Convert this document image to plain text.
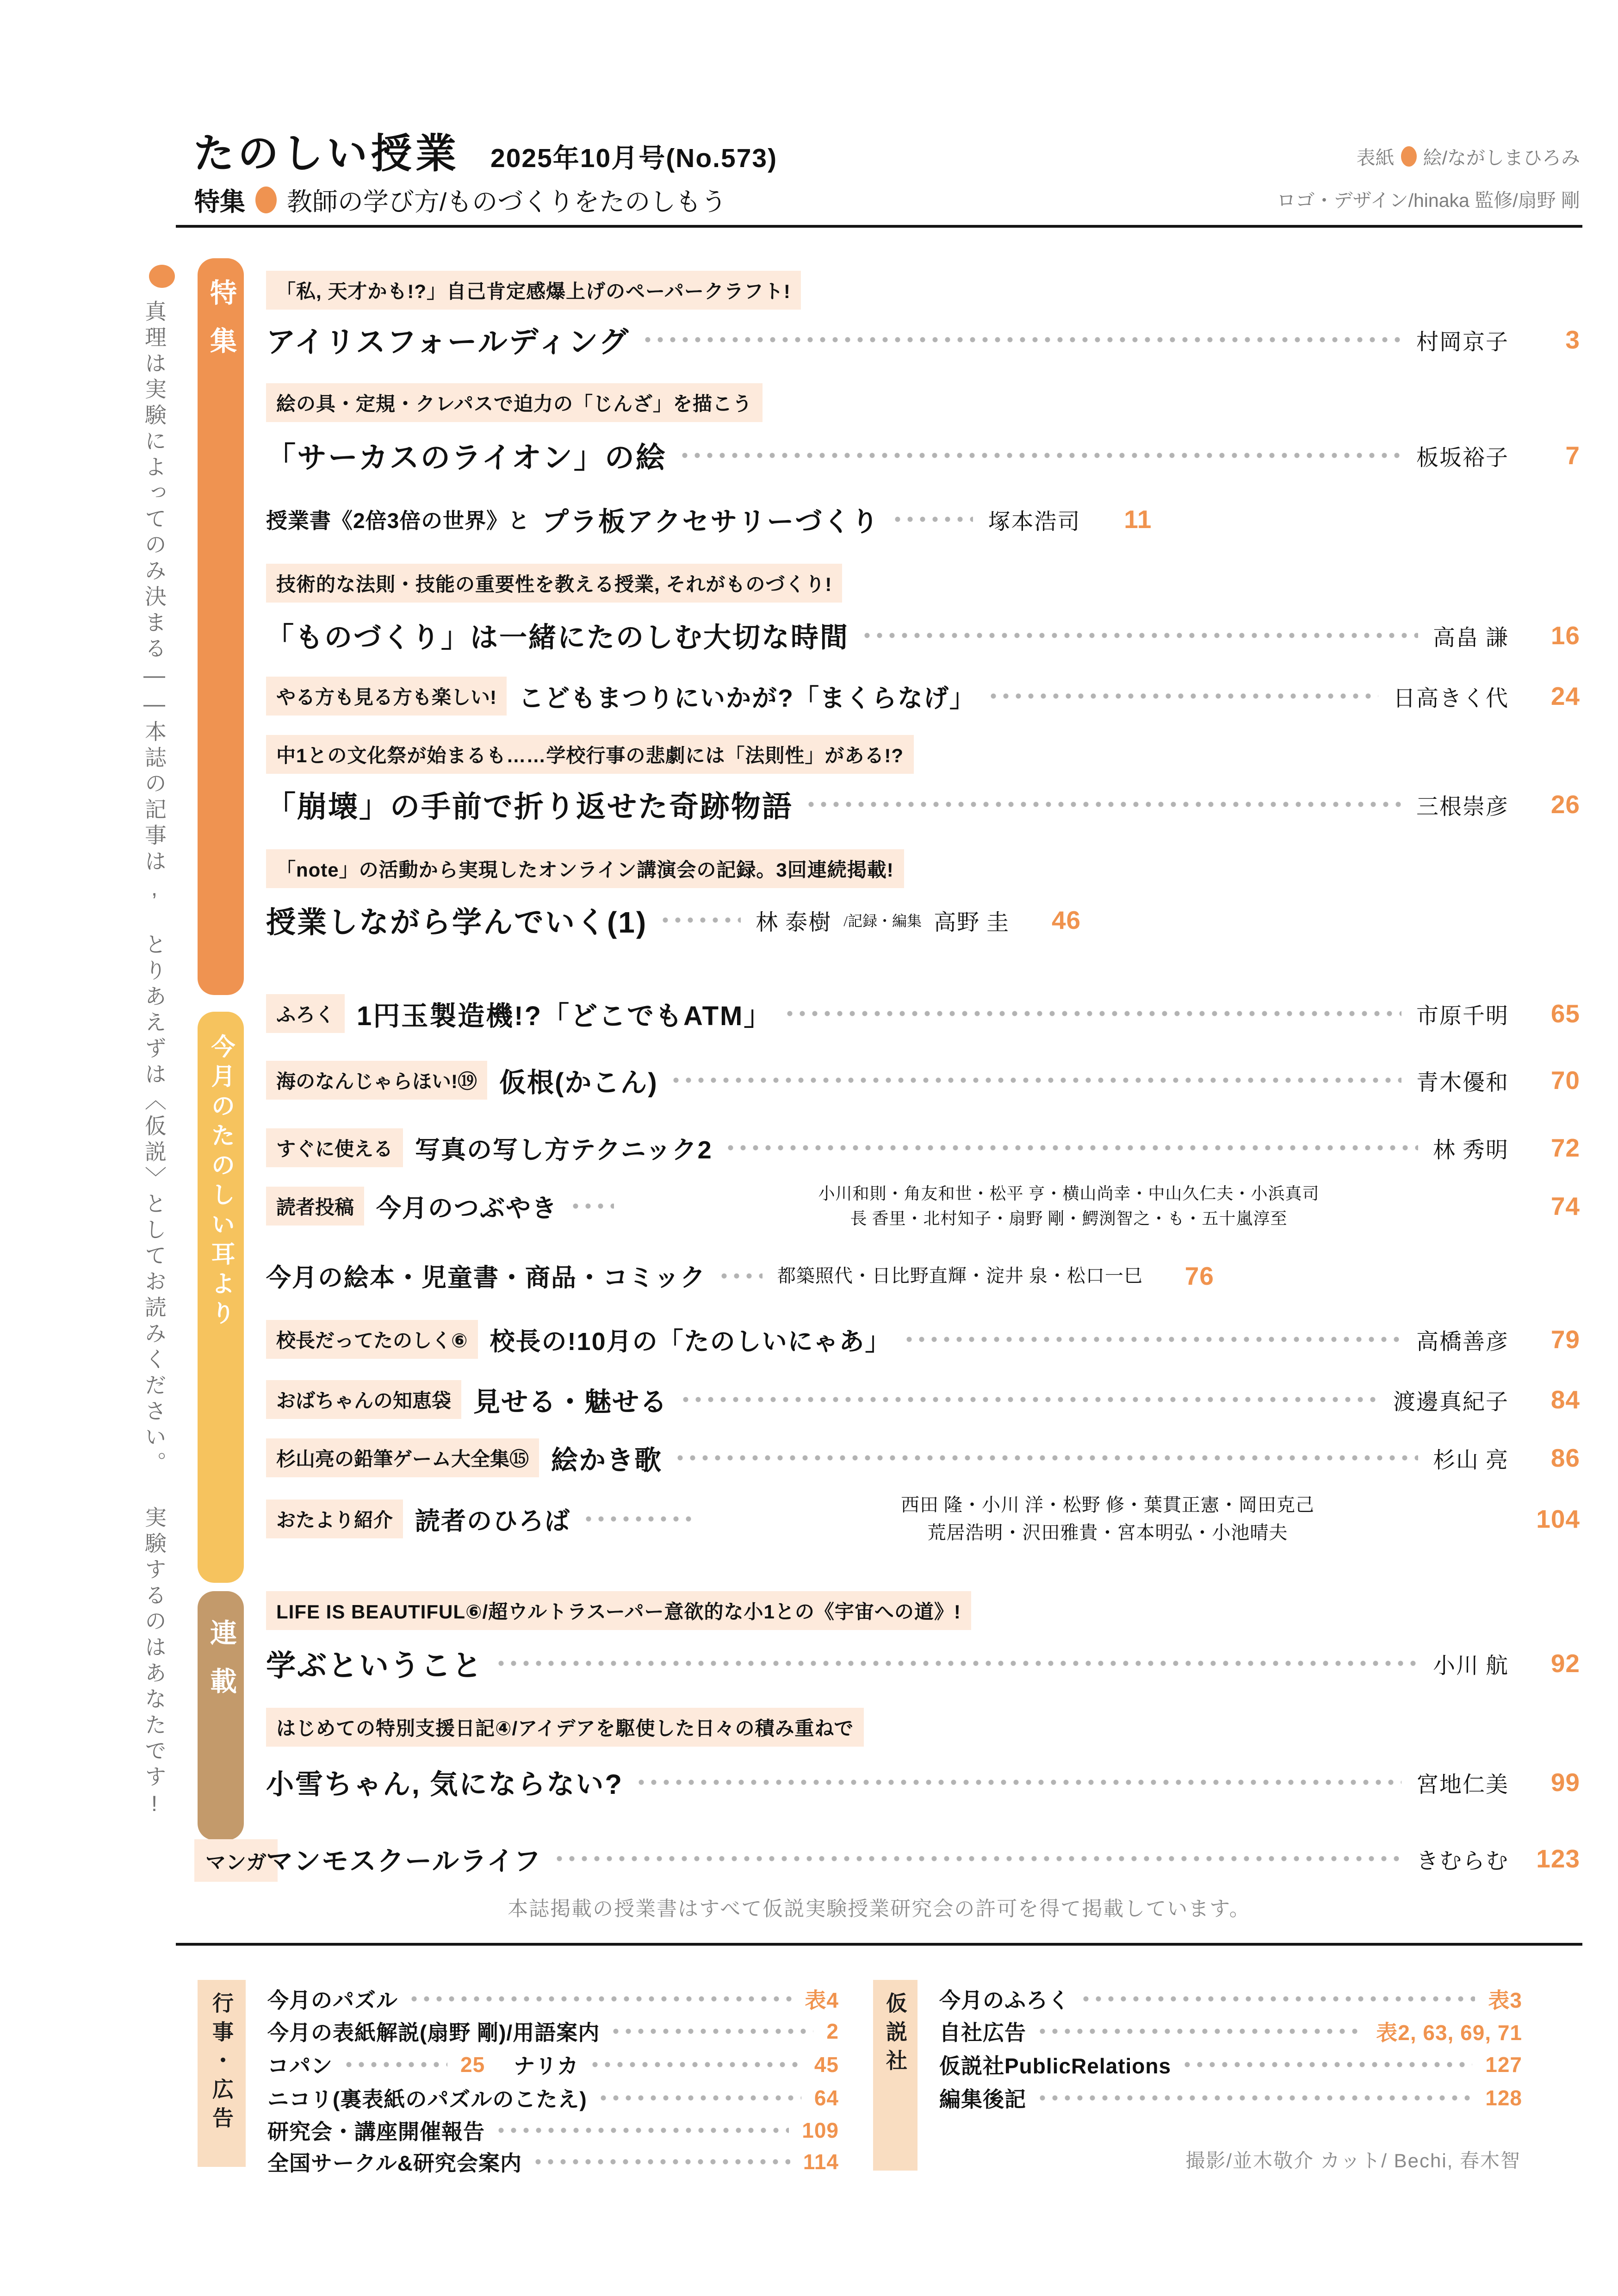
たのしい授業 2025年10月号(No.573)	表紙 絵/ながしまひろみ
ロゴ・デザイン/hinaka 監修/扇野 剛
特集 教師の学び方/ものづくりをたのしもう
真理は実験によってのみ決まる——本誌の記事は, とりあえずは〈仮説〉としてお読みください。 実験するのはあなたです!	特集
今月のたのしい耳より
連載
マンガ
「私, 天才かも!?」自己肯定感爆上げのペーパークラフト!
アイリスフォールディング	村岡京子	3
絵の具・定規・クレパスで迫力の「じんざ」を描こう
「サーカスのライオン」の絵	板坂裕子	7
授業書《2倍3倍の世界》と プラ板アクセサリーづくり	塚本浩司	11
技術的な法則・技能の重要性を教える授業, それがものづくり!
「ものづくり」は一緒にたのしむ大切な時間	高畠 謙	16
やる方も見る方も楽しい! こどもまつりにいかが?「まくらなげ」	日高きく代	24
中1との文化祭が始まるも……学校行事の悲劇には「法則性」がある!?
「崩壊」の手前で折り返せた奇跡物語	三根崇彦	26
「note」の活動から実現したオンライン講演会の記録。3回連続掲載!
授業しながら学んでいく(1)	林 泰樹 /記録・編集 高野 圭	46
ふろく 1円玉製造機!?「どこでもATM」	市原千明	65
海のなんじゃらほい!⑲ 仮根(かこん)	青木優和	70
すぐに使える 写真の写し方テクニック2	林 秀明	72
読者投稿 今月のつぶやき
小川和則・角友和世・松平 亨・横山尚幸・中山久仁夫・小浜真司
長 香里・北村知子・扇野 剛・鰐渕智之・も・五十嵐淳至	74
今月の絵本・児童書・商品・コミック	都築照代・日比野直輝・淀井 泉・松口一巳	76
校長だってたのしく⑥ 校長の!10月の「たのしいにゃあ」	高橋善彦	79
おばちゃんの知恵袋 見せる・魅せる	渡邊真紀子	84
杉山亮の鉛筆ゲーム大全集⑮ 絵かき歌	杉山 亮	86
おたより紹介 読者のひろば
西田 隆・小川 洋・松野 修・葉貫正憲・岡田克己
荒居浩明・沢田雅貴・宮本明弘・小池晴夫	104
LIFE IS BEAUTIFUL⑥/超ウルトラスーパー意欲的な小1との《宇宙への道》!
学ぶということ	小川 航	92
はじめての特別支援日記④/アイデアを駆使した日々の積み重ねで
小雪ちゃん, 気にならない?	宮地仁美	99
マンモスクールライフ	きむらむ	123
本誌掲載の授業書はすべて仮説実験授業研究会の許可を得て掲載しています。
行事・広告	今月のパズル	表4
今月の表紙解説(扇野 剛)/用語案内	2
コパン	25 ナリカ	45
ニコリ(裏表紙のパズルのこたえ)	64
研究会・講座開催報告	109
全国サークル&研究会案内	114
仮説社	今月のふろく	表3
自社広告	表2, 63, 69, 71
仮説社PublicRelations	127
編集後記	128
撮影/並木敬介 カット/ Bechi, 春木智
